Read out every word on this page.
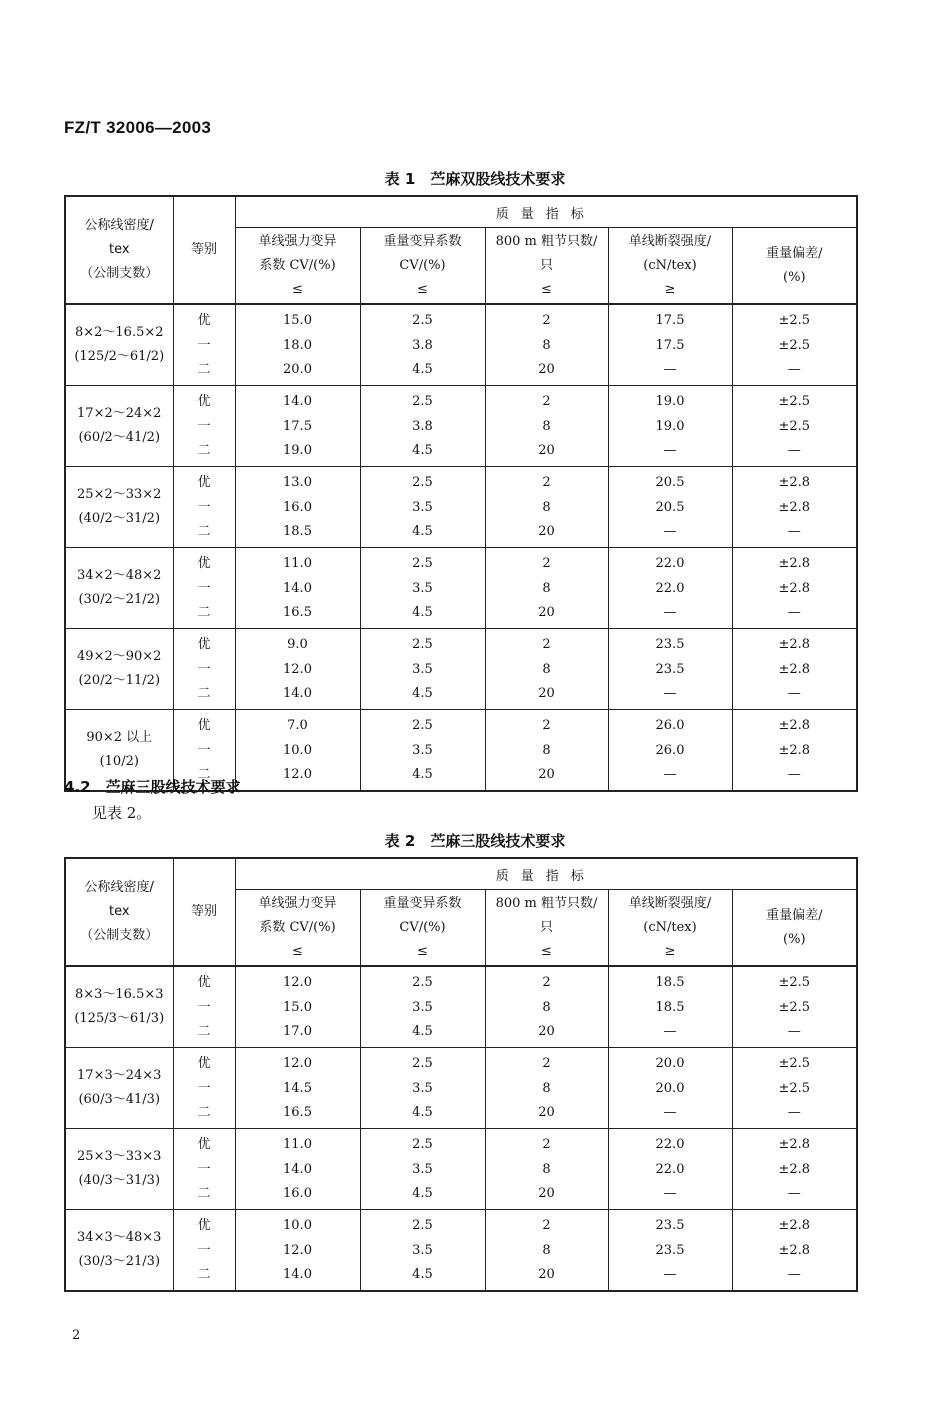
FZ/T 32006—2003
表 1　苎麻双股线技术要求
公称线密度/
tex
（公制支数）	等别	质量指标				

		单线强力变异
系数 CV/(%)
≤	重量变异系数
CV/(%)
≤	800 m 粗节只数/
只
≤	单线断裂强度/
(cN/tex)
≥	重量偏差/
(%)

8×2～16.5×2
(125/2～61/2)	优
一
二	15.0
18.0
20.0	2.5
3.8
4.5	2
8
20	17.5
17.5
—	±2.5
±2.5
—

17×2～24×2
(60/2～41/2)	优
一
二	14.0
17.5
19.0	2.5
3.8
4.5	2
8
20	19.0
19.0
—	±2.5
±2.5
—

25×2～33×2
(40/2～31/2)	优
一
二	13.0
16.0
18.5	2.5
3.5
4.5	2
8
20	20.5
20.5
—	±2.8
±2.8
—

34×2～48×2
(30/2～21/2)	优
一
二	11.0
14.0
16.5	2.5
3.5
4.5	2
8
20	22.0
22.0
—	±2.8
±2.8
—

49×2～90×2
(20/2～11/2)	优
一
二	9.0
12.0
14.0	2.5
3.5
4.5	2
8
20	23.5
23.5
—	±2.8
±2.8
—

90×2 以上
(10/2)	优
一
二	7.0
10.0
12.0	2.5
3.5
4.5	2
8
20	26.0
26.0
—	±2.8
±2.8
—
4.2　苎麻三股线技术要求
见表 2。
表 2　苎麻三股线技术要求
公称线密度/
tex
（公制支数）	等别	质量指标				

		单线强力变异
系数 CV/(%)
≤	重量变异系数
CV/(%)
≤	800 m 粗节只数/
只
≤	单线断裂强度/
(cN/tex)
≥	重量偏差/
(%)

8×3～16.5×3
(125/3～61/3)	优
一
二	12.0
15.0
17.0	2.5
3.5
4.5	2
8
20	18.5
18.5
—	±2.5
±2.5
—

17×3～24×3
(60/3～41/3)	优
一
二	12.0
14.5
16.5	2.5
3.5
4.5	2
8
20	20.0
20.0
—	±2.5
±2.5
—

25×3～33×3
(40/3～31/3)	优
一
二	11.0
14.0
16.0	2.5
3.5
4.5	2
8
20	22.0
22.0
—	±2.8
±2.8
—

34×3～48×3
(30/3～21/3)	优
一
二	10.0
12.0
14.0	2.5
3.5
4.5	2
8
20	23.5
23.5
—	±2.8
±2.8
—
2
